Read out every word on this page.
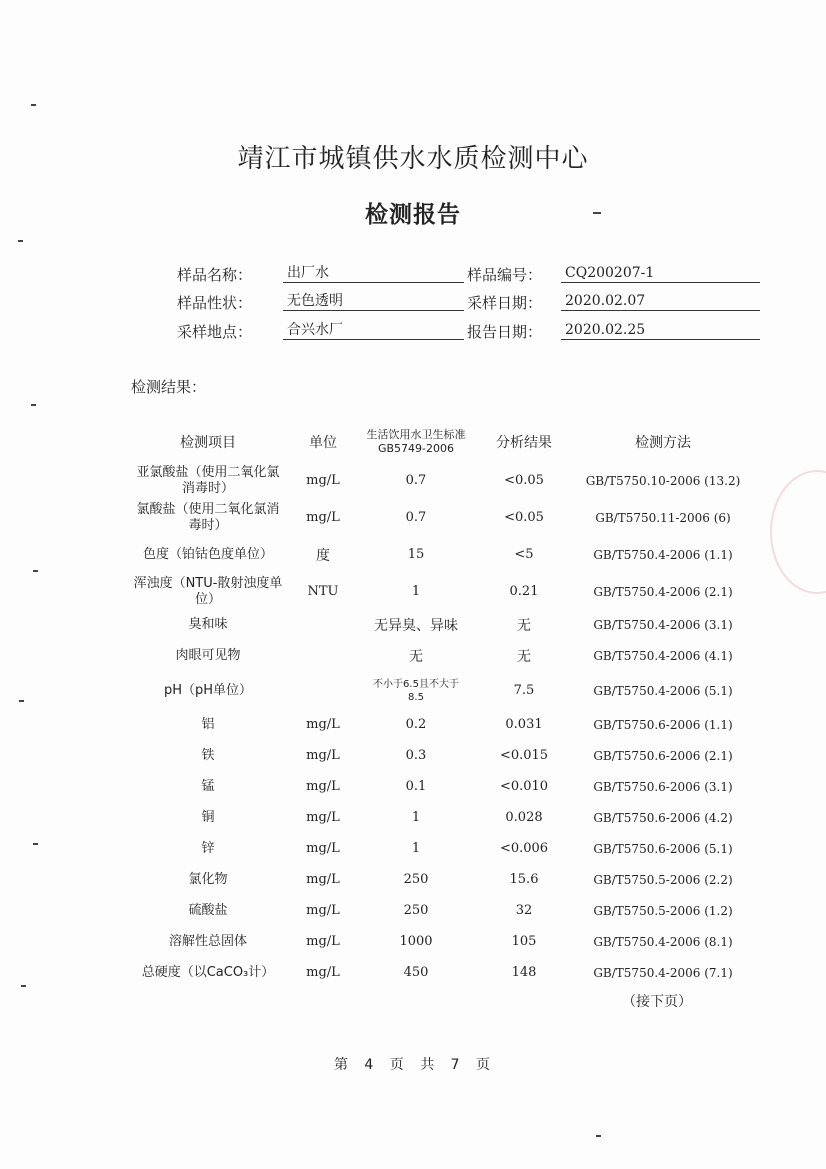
靖江市城镇供水水质检测中心
检测报告
样品名称： 出厂水	样品编号： CQ200207-1
样品性状： 无色透明	采样日期： 2020.02.07
采样地点： 合兴水厂	报告日期： 2020.02.25
检测结果：
检测项目	单位	生活饮用水卫生标准GB5749-2006	分析结果	检测方法
亚氯酸盐（使用二氧化氯消毒时）	mg/L	0.7	<0.05	GB/T5750.10-2006 (13.2)
氯酸盐（使用二氧化氯消毒时）	mg/L	0.7	<0.05	GB/T5750.11-2006 (6)
色度（铂钴色度单位）	度	15	<5	GB/T5750.4-2006 (1.1)
浑浊度（NTU-散射浊度单位）	NTU	1	0.21	GB/T5750.4-2006 (2.1)
臭和味		无异臭、异味	无	GB/T5750.4-2006 (3.1)
肉眼可见物		无	无	GB/T5750.4-2006 (4.1)
pH（pH单位）		不小于6.5且不大于8.5	7.5	GB/T5750.4-2006 (5.1)
铝	mg/L	0.2	0.031	GB/T5750.6-2006 (1.1)
铁	mg/L	0.3	<0.015	GB/T5750.6-2006 (2.1)
锰	mg/L	0.1	<0.010	GB/T5750.6-2006 (3.1)
铜	mg/L	1	0.028	GB/T5750.6-2006 (4.2)
锌	mg/L	1	<0.006	GB/T5750.6-2006 (5.1)
氯化物	mg/L	250	15.6	GB/T5750.5-2006 (2.2)
硫酸盐	mg/L	250	32	GB/T5750.5-2006 (1.2)
溶解性总固体	mg/L	1000	105	GB/T5750.4-2006 (8.1)
总硬度（以CaCO₃计）	mg/L	450	148	GB/T5750.4-2006 (7.1)
（接下页）
第 4 页 共 7 页
